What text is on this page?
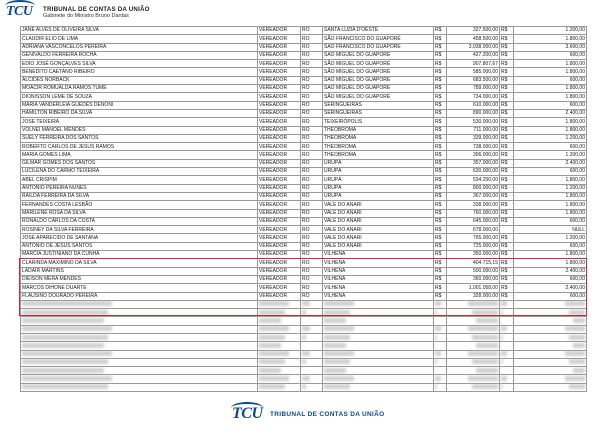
TCU TRIBUNAL DE CONTAS DA UNIÃO
Gabinete do Ministro Bruno Dantas
JANE ALVES DE OLIVEIRA SILVA	VEREADOR	RO	SANTA LUZIA D'OESTE	R$	327.500,00	R$	1.200,00
CLAUDIR ELIO DE LIMA	VEREADOR	RO	SÃO FRANCISCO DO GUAPORÉ	R$	458.500,00	R$	1.800,00
ADRIANA VASCONCELOS PEREIRA	VEREADOR	RO	SÃO FRANCISCO DO GUAPORÉ	R$	3.038.000,00	R$	3.600,00
GENIVALDO FERREIRA ROCHA	VEREADOR	RO	SÃO MIGUEL DO GUAPORÉ	R$	427.200,00	R$	600,00
EDIO JOSÉ GONÇALVES SILVA	VEREADOR	RO	SÃO MIGUEL DO GUAPORÉ	R$	907.807,67	R$	1.800,00
BENEDITO CAETANO RIBEIRO	VEREADOR	RO	SÃO MIGUEL DO GUAPORÉ	R$	585.000,00	R$	1.800,00
ALCIDES NORBACK	VEREADOR	RO	SÃO MIGUEL DO GUAPORÉ	R$	683.500,00	R$	600,00
MOACIR ROMUALDA RAMOS TUME	VEREADOR	RO	SÃO MIGUEL DO GUAPORÉ	R$	789.000,00	R$	1.800,00
DIONISSON LEME DE SOUZA	VEREADOR	RO	SÃO MIGUEL DO GUAPORÉ	R$	734.000,00	R$	1.800,00
MARIA VANDERLEIA GUEDES DENONI	VEREADOR	RO	SERINGUEIRAS	R$	610.000,00	R$	600,00
HAMILTON RIBEIRO DA SILVA	VEREADOR	RO	SERINGUEIRAS	R$	890.000,00	R$	2.400,00
JOSE TEIXEIRA	VEREADOR	RO	TEIXEIRÓPOLIS	R$	530.000,00	R$	1.800,00
VOLNEI MANOEL MENDES	VEREADOR	RO	THEOBROMA	R$	711.000,00	R$	1.800,00
SUELY FERREIRA DOS SANTOS	VEREADOR	RO	THEOBROMA	R$	339.000,00	R$	1.200,00
ROBERTO CARLOS DE JESUS RAMOS	VEREADOR	RO	THEOBROMA	R$	738.000,00	R$	600,00
MARIA GOMES LIMA	VEREADOR	RO	THEOBROMA	R$	306.000,00	R$	1.200,00
GILMAR GOMES DOS SANTOS	VEREADOR	RO	URUPÁ	R$	357.000,00	R$	2.400,00
LUCILENA DO CARMO TEIXEIRA	VEREADOR	RO	URUPÁ	R$	630.000,00	R$	600,00
ABEL CRISPIM	VEREADOR	RO	URUPÁ	R$	534.250,00	R$	1.800,00
ANTONIO PEREIRA NUNES	VEREADOR	RO	URUPÁ	R$	800.000,00	R$	1.200,00
RAILDA FERREIRA DA SILVA	VEREADOR	RO	URUPÁ	R$	367.000,00	R$	1.800,00
FERNANDES COSTA LESBÃO	VEREADOR	RO	VALE DO ANARI	R$	338.000,00	R$	1.800,00
MARILENE ROSA DA SILVA	VEREADOR	RO	VALE DO ANARI	R$	760.000,00	R$	1.800,00
RONALDO CARLOS DA COSTA	VEREADOR	RO	VALE DO ANARI	R$	645.000,00	R$	600,00
ROSINEY DA SILVA FERREIRA	VEREADOR	RO	VALE DO ANARI	R$	678.000,00		NULL
JOSE APARECIDO DE SANTANA	VEREADOR	RO	VALE DO ANARI	R$	765.000,00	R$	1.200,00
ANTONIO DE JESUS SANTOS	VEREADOR	RO	VALE DO ANARI	R$	725.000,00	R$	600,00
MARCIA JUSTINIANO DA CUNHA	VEREADOR	RO	VILHENA	R$	350.000,00	R$	1.800,00
CLARINDA MAXIMINO DA SILVA	VEREADOR	RO	VILHENA	R$	404.715,15	R$	1.800,00
LADAIR MARTINS	VEREADOR	RO	VILHENA	R$	500.000,00	R$	2.400,00
DIEISON MERA MENDES	VEREADOR	RO	VILHENA	R$	360.000,00	R$	600,00
MARCOS DIHONE DUARTE	VEREADOR	RO	VILHENA	R$	1.001.058,00	R$	2.400,00
FLAUSINO DOURADO PEREIRA	VEREADOR	RO	VILHENA	R$	328.000,00	R$	600,00

TCU TRIBUNAL DE CONTAS DA UNIÃO
